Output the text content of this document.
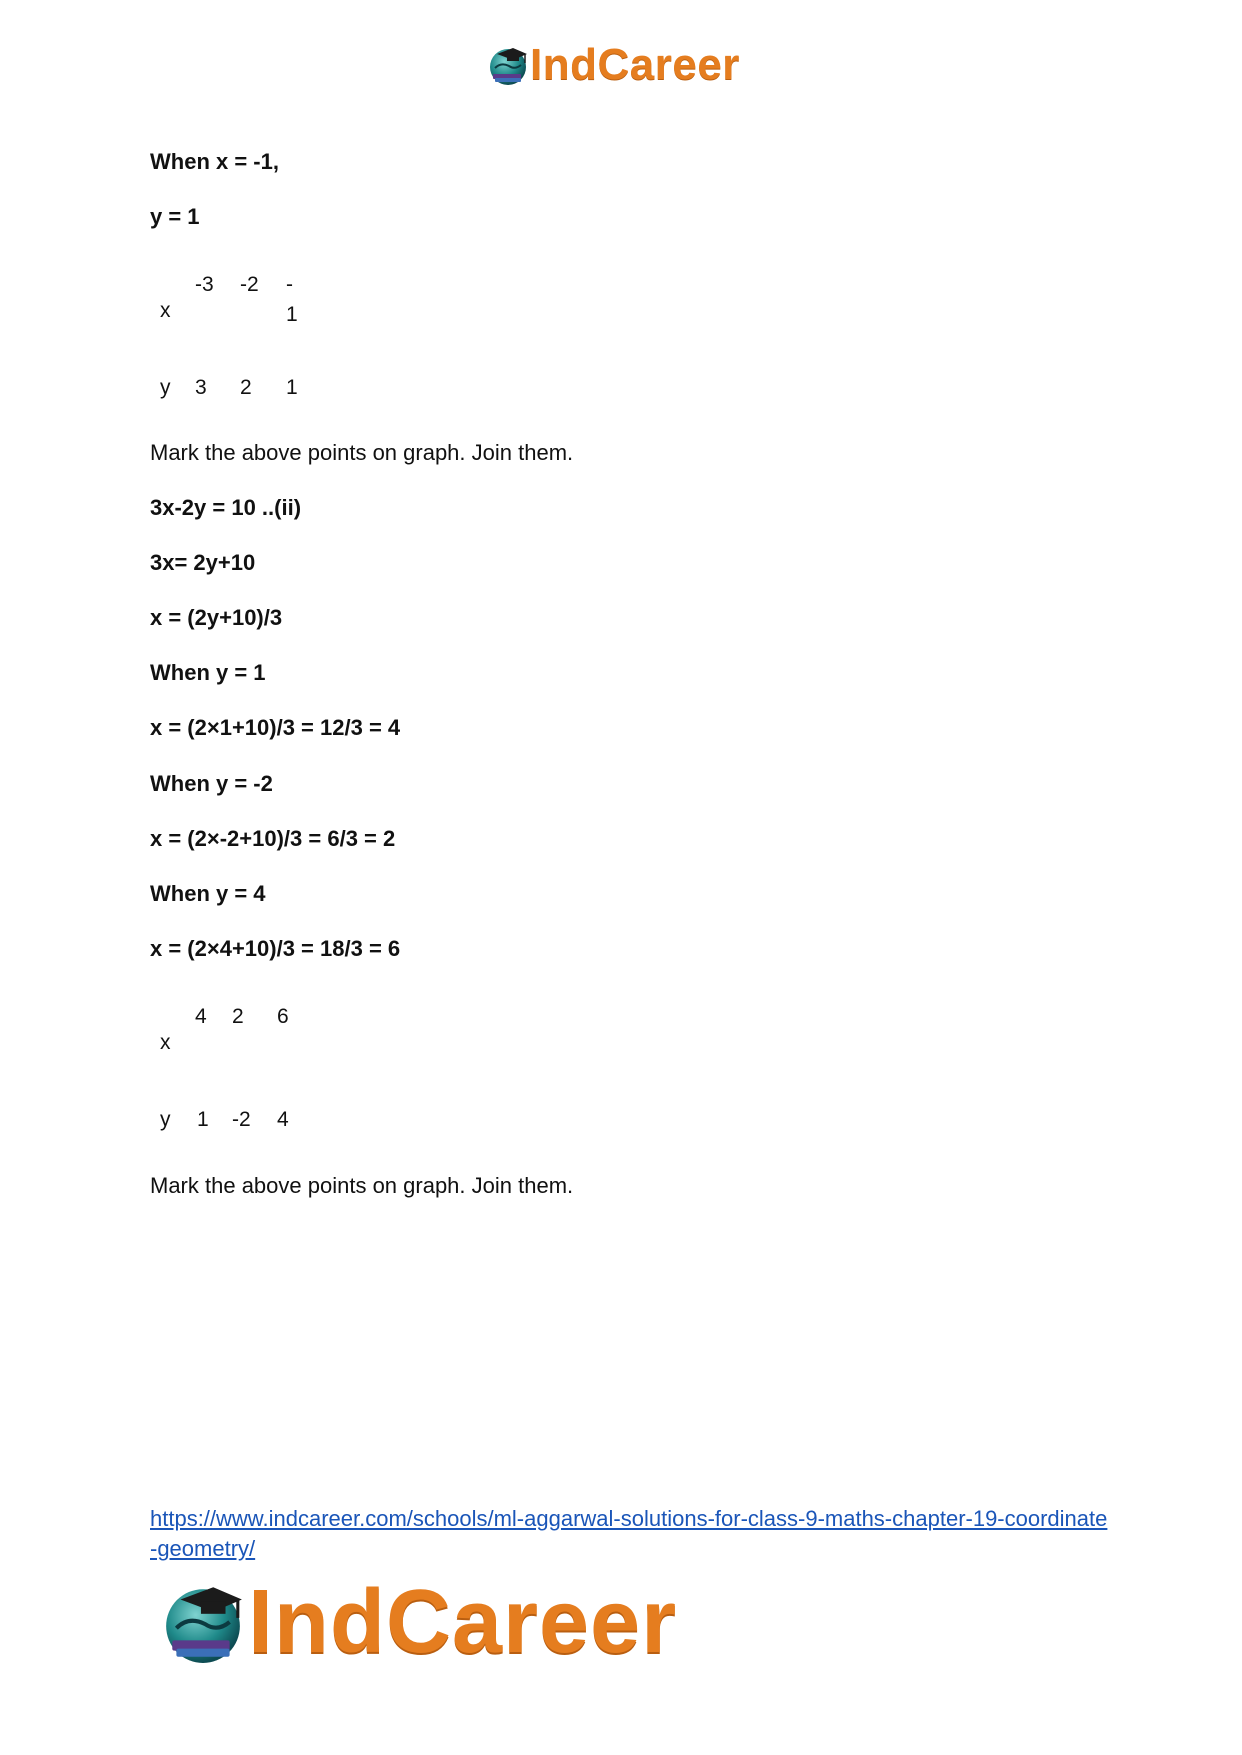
IndCareer
When x = -1,
y = 1
x
-3 -2 -
1
y 3 2 1
Mark the above points on graph. Join them.
3x-2y = 10 ..(ii)
3x= 2y+10
x = (2y+10)/3
When y = 1
x = (2×1+10)/3 = 12/3 = 4
When y = -2
x = (2×-2+10)/3 = 6/3 = 2
When y = 4
x = (2×4+10)/3 = 18/3 = 6
x
4 2 6
y 1 -2 4
Mark the above points on graph. Join them.
https://www.indcareer.com/schools/ml-aggarwal-solutions-for-class-9-maths-chapter-19-coordinate-geometry/
IndCareer
